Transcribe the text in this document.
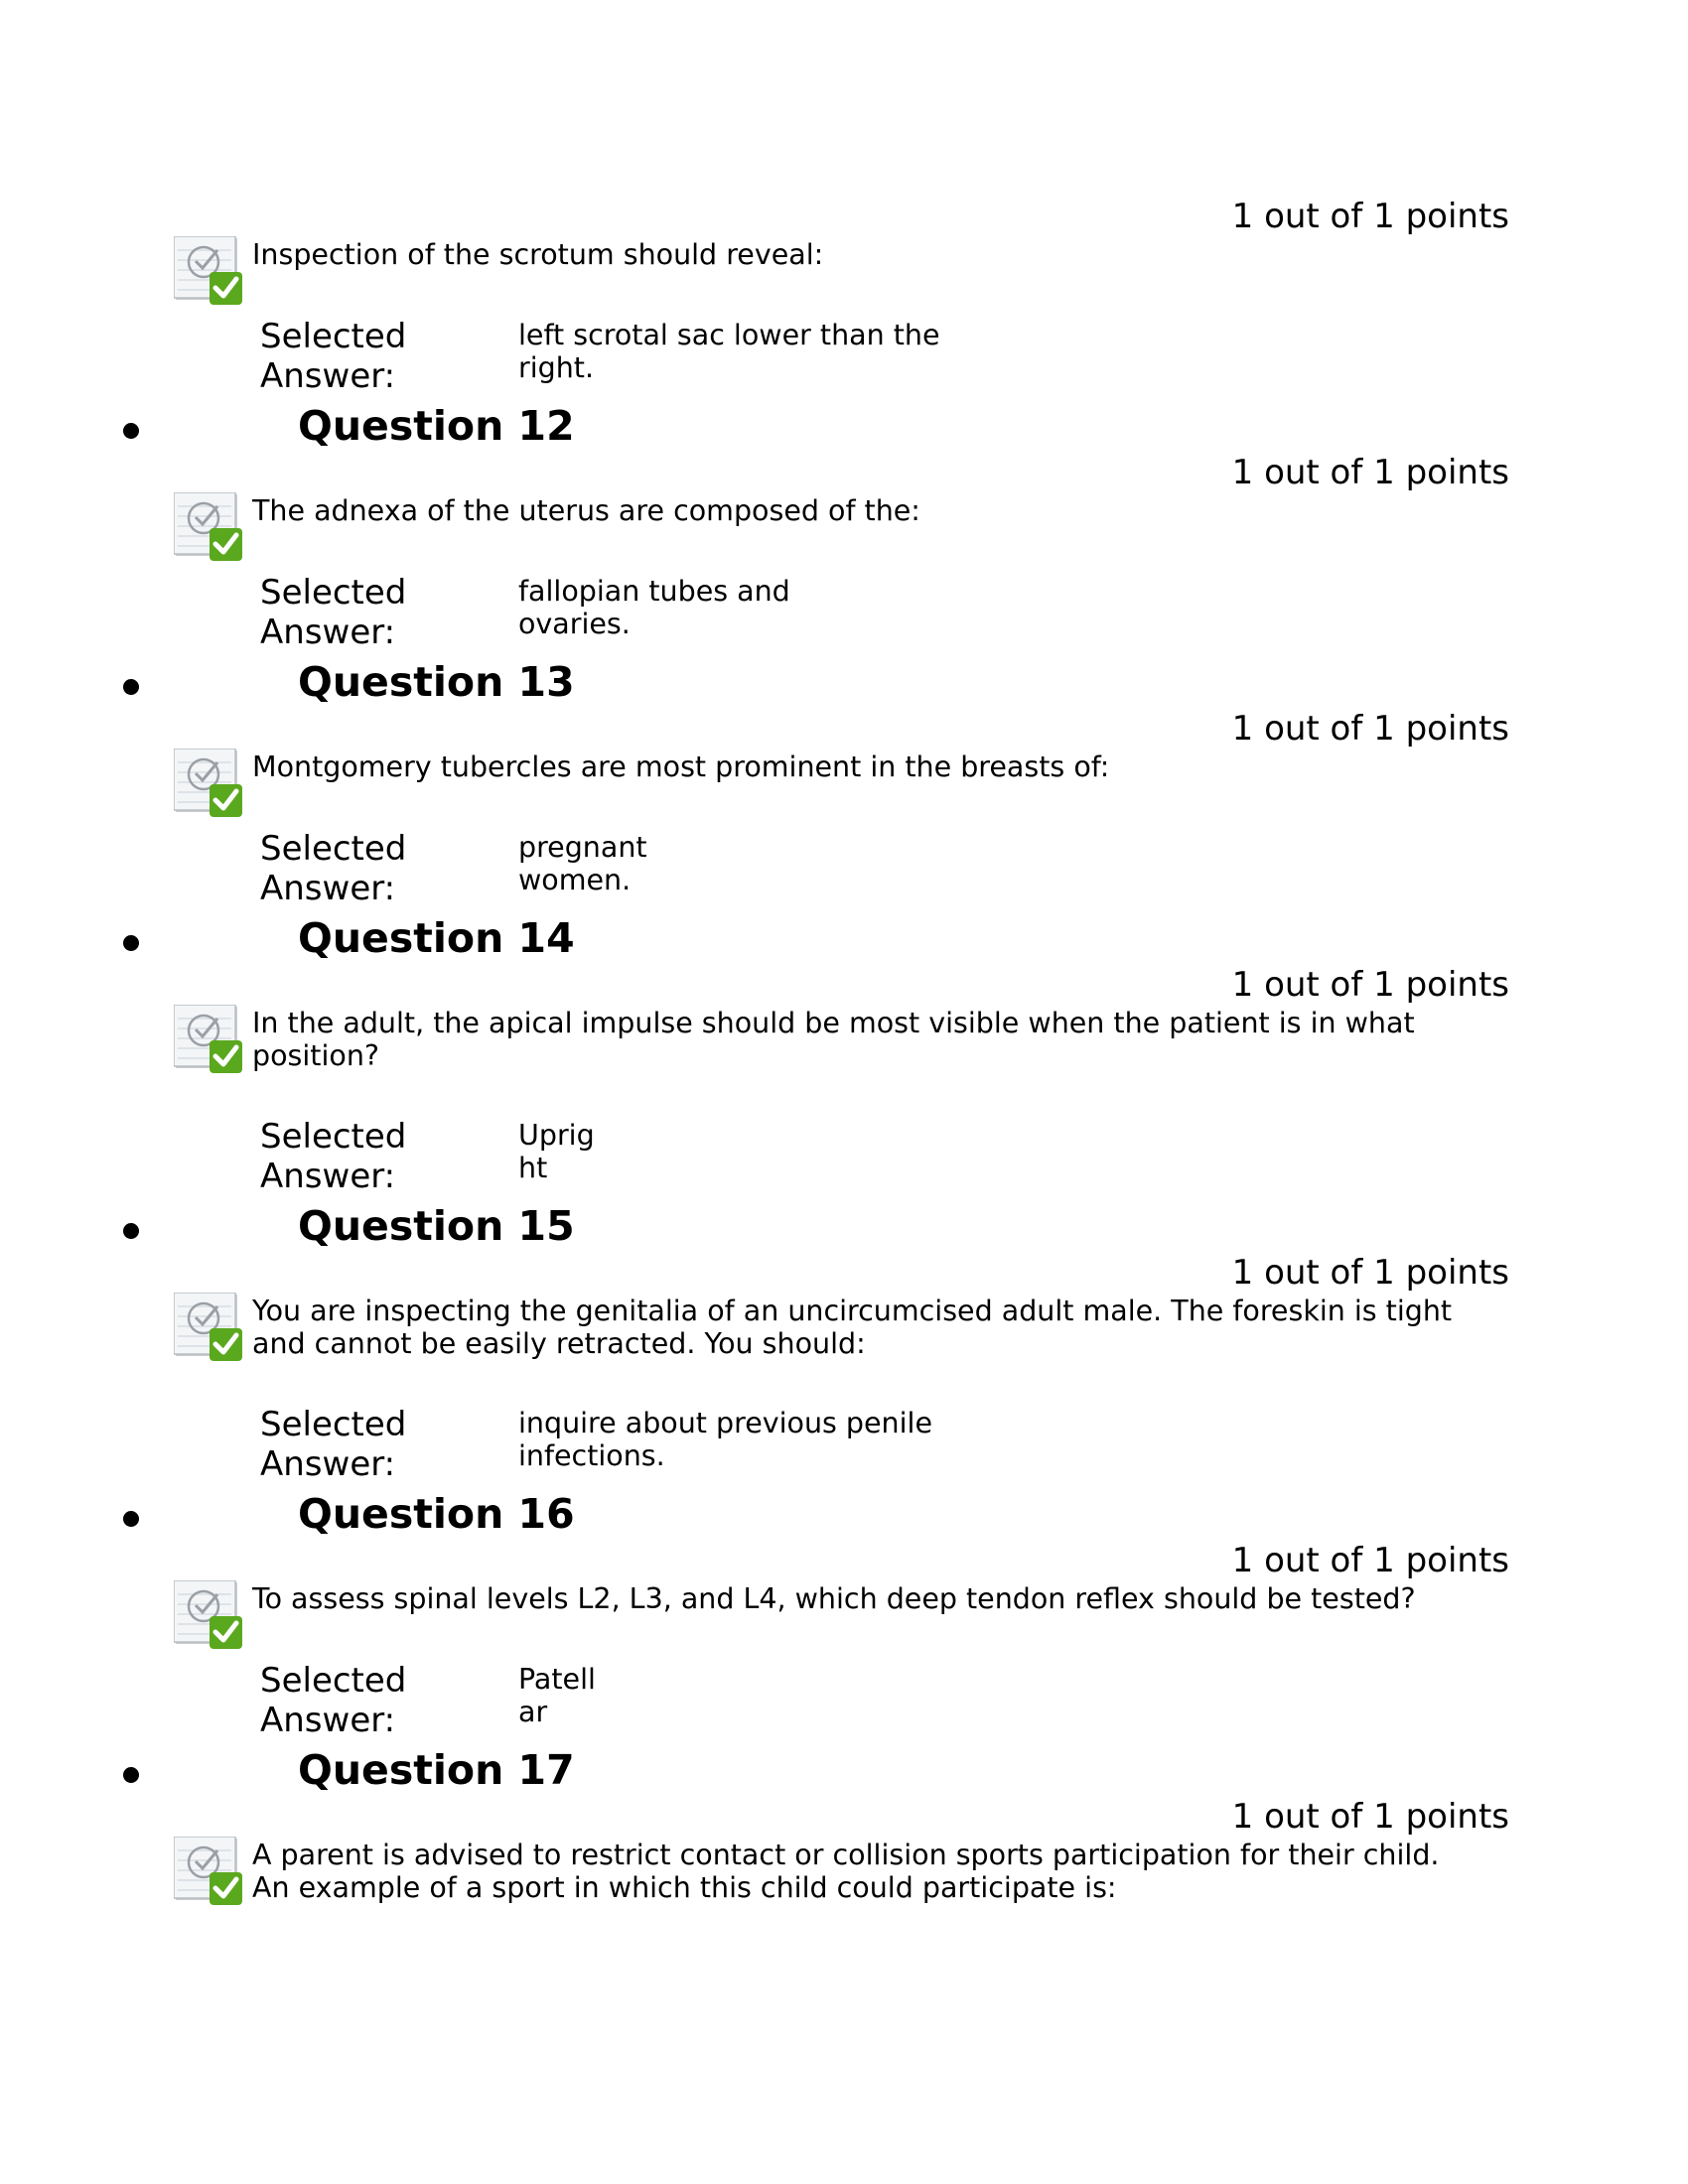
1 out of 1 points
Inspection of the scrotum should reveal:
Selected Answer:
left scrotal sac lower than the
right.
Question 12
1 out of 1 points
The adnexa of the uterus are composed of the:
Selected Answer:
fallopian tubes and
ovaries.
Question 13
1 out of 1 points
Montgomery tubercles are most prominent in the breasts of:
Selected Answer:
pregnant
women.
Question 14
1 out of 1 points
In the adult, the apical impulse should be most visible when the patient is in what
position?
Selected Answer:
Uprig
ht
Question 15
1 out of 1 points
You are inspecting the genitalia of an uncircumcised adult male. The foreskin is tight
and cannot be easily retracted. You should:
Selected Answer:
inquire about previous penile
infections.
Question 16
1 out of 1 points
To assess spinal levels L2, L3, and L4, which deep tendon reflex should be tested?
Selected Answer:
Patell
ar
Question 17
1 out of 1 points
A parent is advised to restrict contact or collision sports participation for their child.
An example of a sport in which this child could participate is:
